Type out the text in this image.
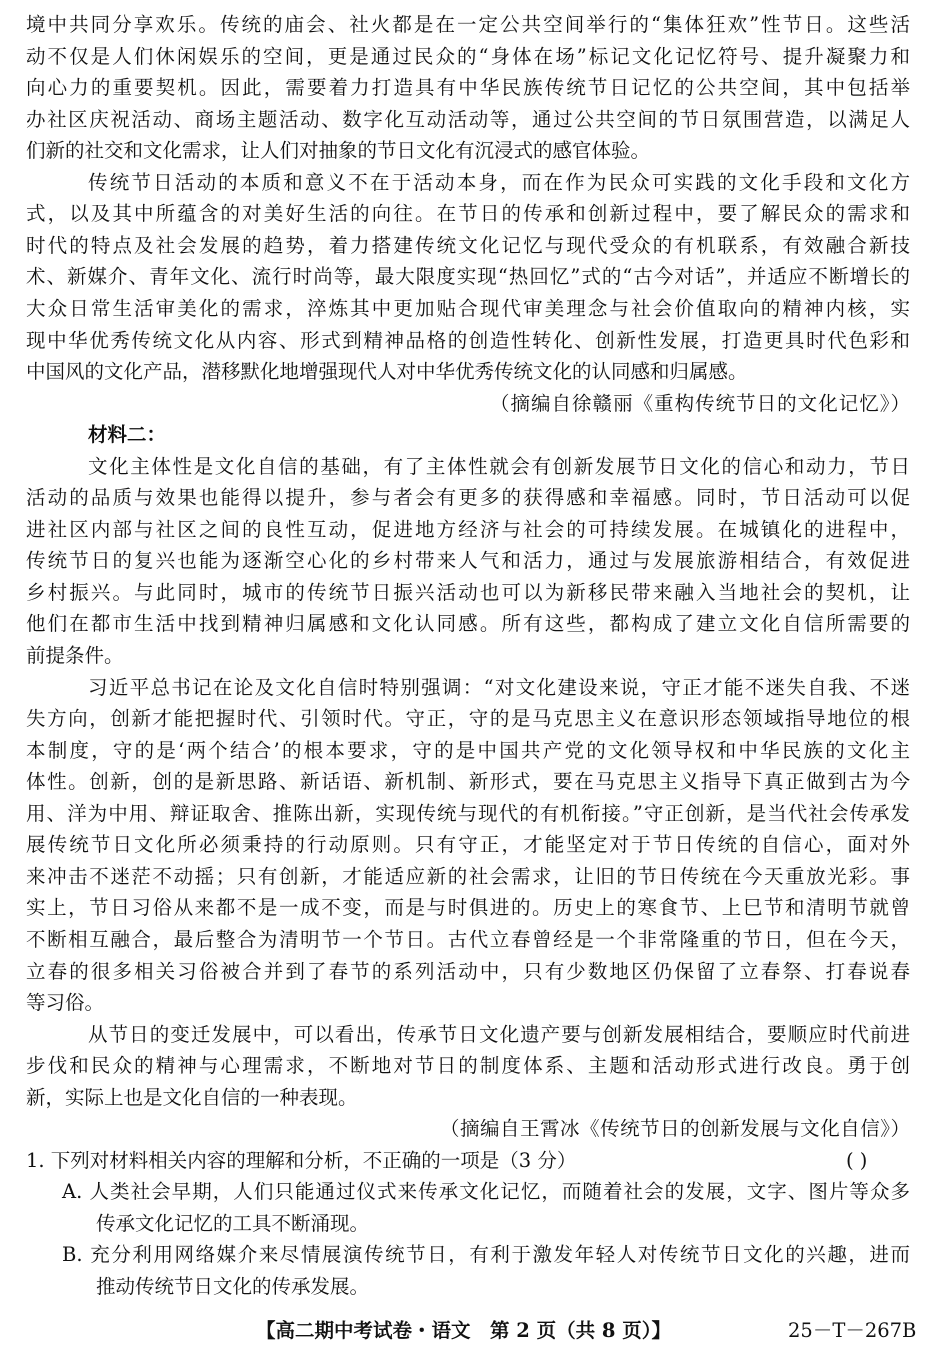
境中共同分享欢乐。传统的庙会、社火都是在一定公共空间举行的“集体狂欢”性节日。这些活
动不仅是人们休闲娱乐的空间，更是通过民众的“身体在场”标记文化记忆符号、提升凝聚力和
向心力的重要契机。因此，需要着力打造具有中华民族传统节日记忆的公共空间，其中包括举
办社区庆祝活动、商场主题活动、数字化互动活动等，通过公共空间的节日氛围营造，以满足人
们新的社交和文化需求，让人们对抽象的节日文化有沉浸式的感官体验。
传统节日活动的本质和意义不在于活动本身，而在作为民众可实践的文化手段和文化方
式，以及其中所蕴含的对美好生活的向往。在节日的传承和创新过程中，要了解民众的需求和
时代的特点及社会发展的趋势，着力搭建传统文化记忆与现代受众的有机联系，有效融合新技
术、新媒介、青年文化、流行时尚等，最大限度实现“热回忆”式的“古今对话”，并适应不断增长的
大众日常生活审美化的需求，淬炼其中更加贴合现代审美理念与社会价值取向的精神内核，实
现中华优秀传统文化从内容、形式到精神品格的创造性转化、创新性发展，打造更具时代色彩和
中国风的文化产品，潜移默化地增强现代人对中华优秀传统文化的认同感和归属感。
（摘编自徐赣丽《重构传统节日的文化记忆》）
材料二：
文化主体性是文化自信的基础，有了主体性就会有创新发展节日文化的信心和动力，节日
活动的品质与效果也能得以提升，参与者会有更多的获得感和幸福感。同时，节日活动可以促
进社区内部与社区之间的良性互动，促进地方经济与社会的可持续发展。在城镇化的进程中，
传统节日的复兴也能为逐渐空心化的乡村带来人气和活力，通过与发展旅游相结合，有效促进
乡村振兴。与此同时，城市的传统节日振兴活动也可以为新移民带来融入当地社会的契机，让
他们在都市生活中找到精神归属感和文化认同感。所有这些，都构成了建立文化自信所需要的
前提条件。
习近平总书记在论及文化自信时特别强调：“对文化建设来说，守正才能不迷失自我、不迷
失方向，创新才能把握时代、引领时代。守正，守的是马克思主义在意识形态领域指导地位的根
本制度，守的是‘两个结合’的根本要求，守的是中国共产党的文化领导权和中华民族的文化主
体性。创新，创的是新思路、新话语、新机制、新形式，要在马克思主义指导下真正做到古为今
用、洋为中用、辩证取舍、推陈出新，实现传统与现代的有机衔接。”守正创新，是当代社会传承发
展传统节日文化所必须秉持的行动原则。只有守正，才能坚定对于节日传统的自信心，面对外
来冲击不迷茫不动摇；只有创新，才能适应新的社会需求，让旧的节日传统在今天重放光彩。事
实上，节日习俗从来都不是一成不变，而是与时俱进的。历史上的寒食节、上巳节和清明节就曾
不断相互融合，最后整合为清明节一个节日。古代立春曾经是一个非常隆重的节日，但在今天，
立春的很多相关习俗被合并到了春节的系列活动中，只有少数地区仍保留了立春祭、打春说春
等习俗。
从节日的变迁发展中，可以看出，传承节日文化遗产要与创新发展相结合，要顺应时代前进
步伐和民众的精神与心理需求，不断地对节日的制度体系、主题和活动形式进行改良。勇于创
新，实际上也是文化自信的一种表现。
（摘编自王霄冰《传统节日的创新发展与文化自信》）
1. 下列对材料相关内容的理解和分析，不正确的一项是（3 分）	( )
A. 人类社会早期，人们只能通过仪式来传承文化记忆，而随着社会的发展，文字、图片等众多
传承文化记忆的工具不断涌现。
B. 充分利用网络媒介来尽情展演传统节日，有利于激发年轻人对传统节日文化的兴趣，进而
推动传统节日文化的传承发展。
【高二期中考试卷・语文　第 2 页（共 8 页）】	25－T－267B
